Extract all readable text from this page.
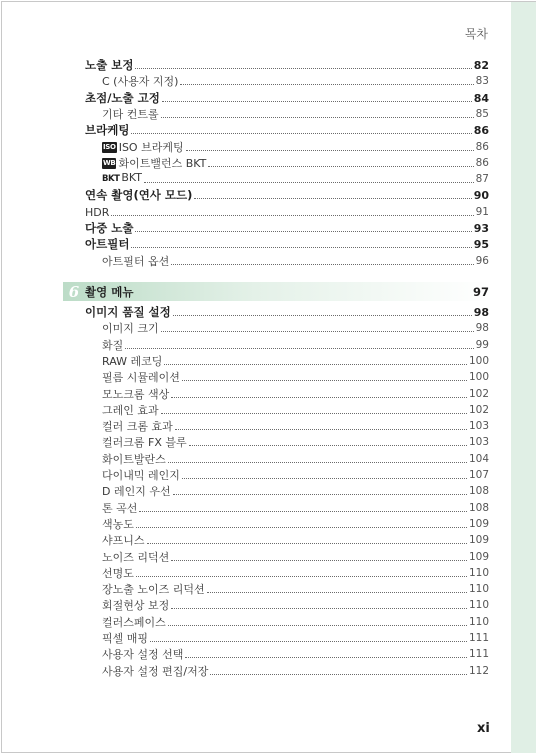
목차
노출 보정	82
C (사용자 지정)	83
초점/노출 고정	84
기타 컨트롤	85
브라케팅	86
ISO ISO 브라케팅	86
WB 화이트밸런스 BKT	86
BKT BKT	87
연속 촬영(연사 모드)	90
HDR	91
다중 노출	93
아트필터	95
아트필터 옵션	96
이미지 품질 설정	98
이미지 크기	98
화질	99
RAW 레코딩	100
필름 시뮬레이션	100
모노크롬 색상	102
그레인 효과	102
컬러 크롬 효과	103
컬러크롬 FX 블루	103
화이트발란스	104
다이내믹 레인지	107
D 레인지 우선	108
톤 곡선	108
색농도	109
샤프니스	109
노이즈 리덕션	109
선명도	110
장노출 노이즈 리덕션	110
회절현상 보정	110
컬러스페이스	110
픽셀 매핑	111
사용자 설정 선택	111
사용자 설정 편집/저장	112
6 촬영 메뉴	97
xi
